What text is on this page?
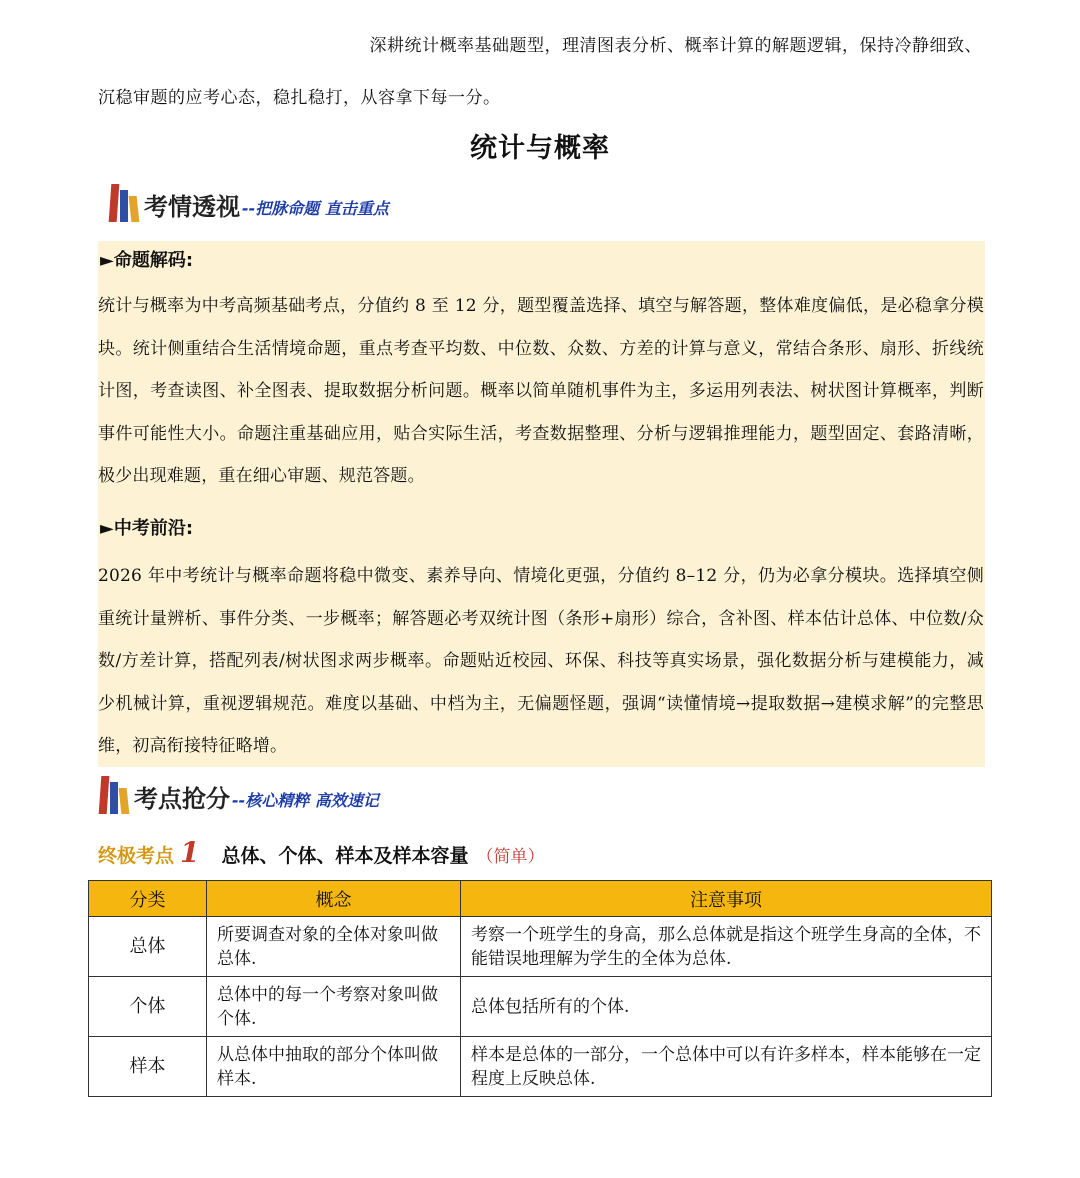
深耕统计概率基础题型，理清图表分析、概率计算的解题逻辑，保持冷静细致、
沉稳审题的应考心态，稳扎稳打，从容拿下每一分。
统计与概率
考情透视 --把脉命题 直击重点
►命题解码:
统计与概率为中考高频基础考点，分值约 8 至 12 分，题型覆盖选择、填空与解答题，整体难度偏低，是必稳拿分模块。统计侧重结合生活情境命题，重点考查平均数、中位数、众数、方差的计算与意义，常结合条形、扇形、折线统计图，考查读图、补全图表、提取数据分析问题。概率以简单随机事件为主，多运用列表法、树状图计算概率，判断事件可能性大小。命题注重基础应用，贴合实际生活，考查数据整理、分析与逻辑推理能力，题型固定、套路清晰，极少出现难题，重在细心审题、规范答题。
►中考前沿:
2026 年中考统计与概率命题将稳中微变、素养导向、情境化更强，分值约 8–12 分，仍为必拿分模块。选择填空侧重统计量辨析、事件分类、一步概率；解答题必考双统计图（条形+扇形）综合，含补图、样本估计总体、中位数/众数/方差计算，搭配列表/树状图求两步概率。命题贴近校园、环保、科技等真实场景，强化数据分析与建模能力，减少机械计算，重视逻辑规范。难度以基础、中档为主，无偏题怪题，强调“读懂情境→提取数据→建模求解”的完整思维，初高衔接特征略增。
考点抢分 --核心精粹 高效速记
终极考点 1 总体、个体、样本及样本容量 （简单）
分类	概念	注意事项
总体	所要调查对象的全体对象叫做总体.	考察一个班学生的身高，那么总体就是指这个班学生身高的全体，不能错误地理解为学生的全体为总体.
个体	总体中的每一个考察对象叫做个体.	总体包括所有的个体.
样本	从总体中抽取的部分个体叫做样本.	样本是总体的一部分，一个总体中可以有许多样本，样本能够在一定程度上反映总体.
